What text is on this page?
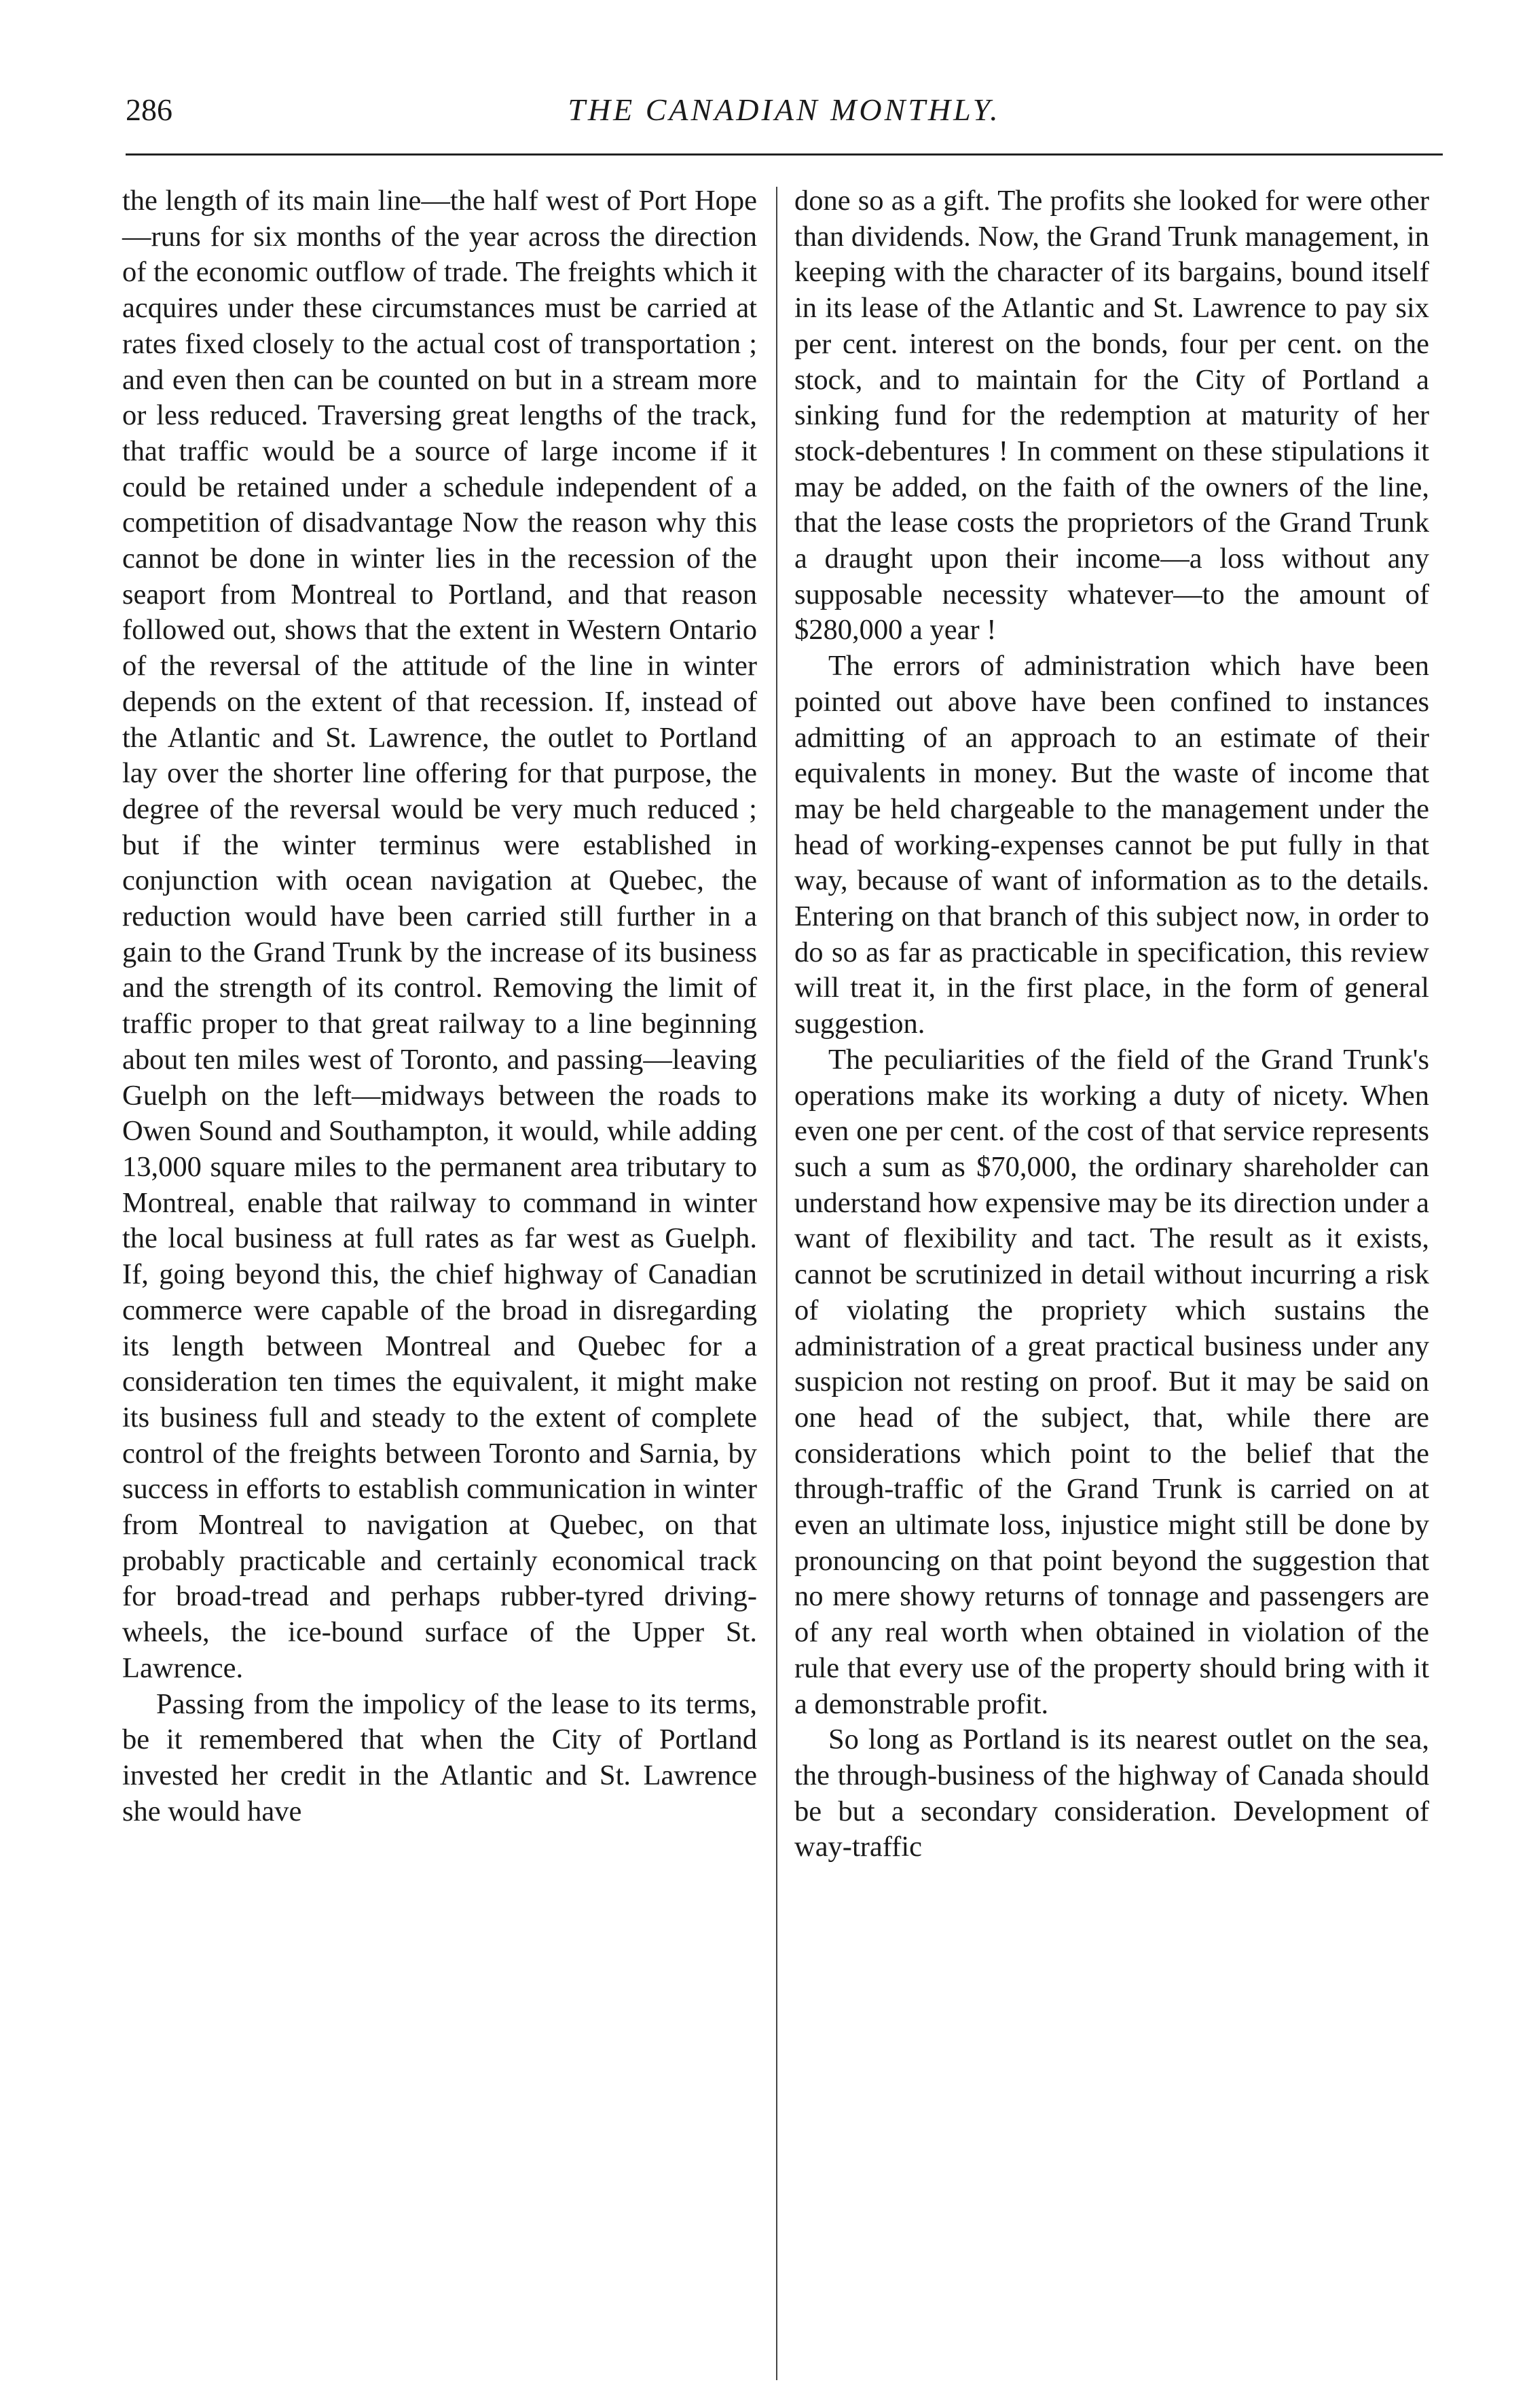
286	THE CANADIAN MONTHLY.

the length of its main line—the half west of Port Hope—runs for six months of the year across the direction of the economic outflow of trade. The freights which it acquires under these circumstances must be carried at rates fixed closely to the actual cost of transportation ; and even then can be counted on but in a stream more or less reduced. Traversing great lengths of the track, that traffic would be a source of large income if it could be retained under a schedule independent of a competition of disadvantage Now the reason why this cannot be done in winter lies in the recession of the seaport from Montreal to Portland, and that reason followed out, shows that the extent in Western Ontario of the reversal of the attitude of the line in winter depends on the extent of that recession. If, instead of the Atlantic and St. Lawrence, the outlet to Portland lay over the shorter line offering for that purpose, the degree of the reversal would be very much reduced ; but if the winter terminus were established in conjunction with ocean navigation at Quebec, the reduction would have been carried still further in a gain to the Grand Trunk by the increase of its business and the strength of its control. Removing the limit of traffic proper to that great railway to a line beginning about ten miles west of Toronto, and passing—leaving Guelph on the left—midways between the roads to Owen Sound and Southampton, it would, while adding 13,000 square miles to the permanent area tributary to Montreal, enable that railway to command in winter the local business at full rates as far west as Guelph. If, going beyond this, the chief highway of Canadian commerce were capable of the broad in disregarding its length between Montreal and Quebec for a consideration ten times the equivalent, it might make its business full and steady to the extent of complete control of the freights between Toronto and Sarnia, by success in efforts to establish communication in winter from Montreal to navigation at Quebec, on that probably practicable and certainly economical track for broad-tread and perhaps rubber-tyred driving-wheels, the ice-bound surface of the Upper St. Lawrence.

Passing from the impolicy of the lease to its terms, be it remembered that when the City of Portland invested her credit in the Atlantic and St. Lawrence she would have

done so as a gift. The profits she looked for were other than dividends. Now, the Grand Trunk management, in keeping with the character of its bargains, bound itself in its lease of the Atlantic and St. Lawrence to pay six per cent. interest on the bonds, four per cent. on the stock, and to maintain for the City of Portland a sinking fund for the redemption at maturity of her stock-debentures ! In comment on these stipulations it may be added, on the faith of the owners of the line, that the lease costs the proprietors of the Grand Trunk a draught upon their income—a loss without any supposable necessity whatever—to the amount of $280,000 a year !

The errors of administration which have been pointed out above have been confined to instances admitting of an approach to an estimate of their equivalents in money. But the waste of income that may be held chargeable to the management under the head of working-expenses cannot be put fully in that way, because of want of information as to the details. Entering on that branch of this subject now, in order to do so as far as practicable in specification, this review will treat it, in the first place, in the form of general suggestion.

The peculiarities of the field of the Grand Trunk's operations make its working a duty of nicety. When even one per cent. of the cost of that service represents such a sum as $70,000, the ordinary shareholder can understand how expensive may be its direction under a want of flexibility and tact. The result as it exists, cannot be scrutinized in detail without incurring a risk of violating the propriety which sustains the administration of a great practical business under any suspicion not resting on proof. But it may be said on one head of the subject, that, while there are considerations which point to the belief that the through-traffic of the Grand Trunk is carried on at even an ultimate loss, injustice might still be done by pronouncing on that point beyond the suggestion that no mere showy returns of tonnage and passengers are of any real worth when obtained in violation of the rule that every use of the property should bring with it a demonstrable profit.

So long as Portland is its nearest outlet on the sea, the through-business of the highway of Canada should be but a secondary consideration. Development of way-traffic
